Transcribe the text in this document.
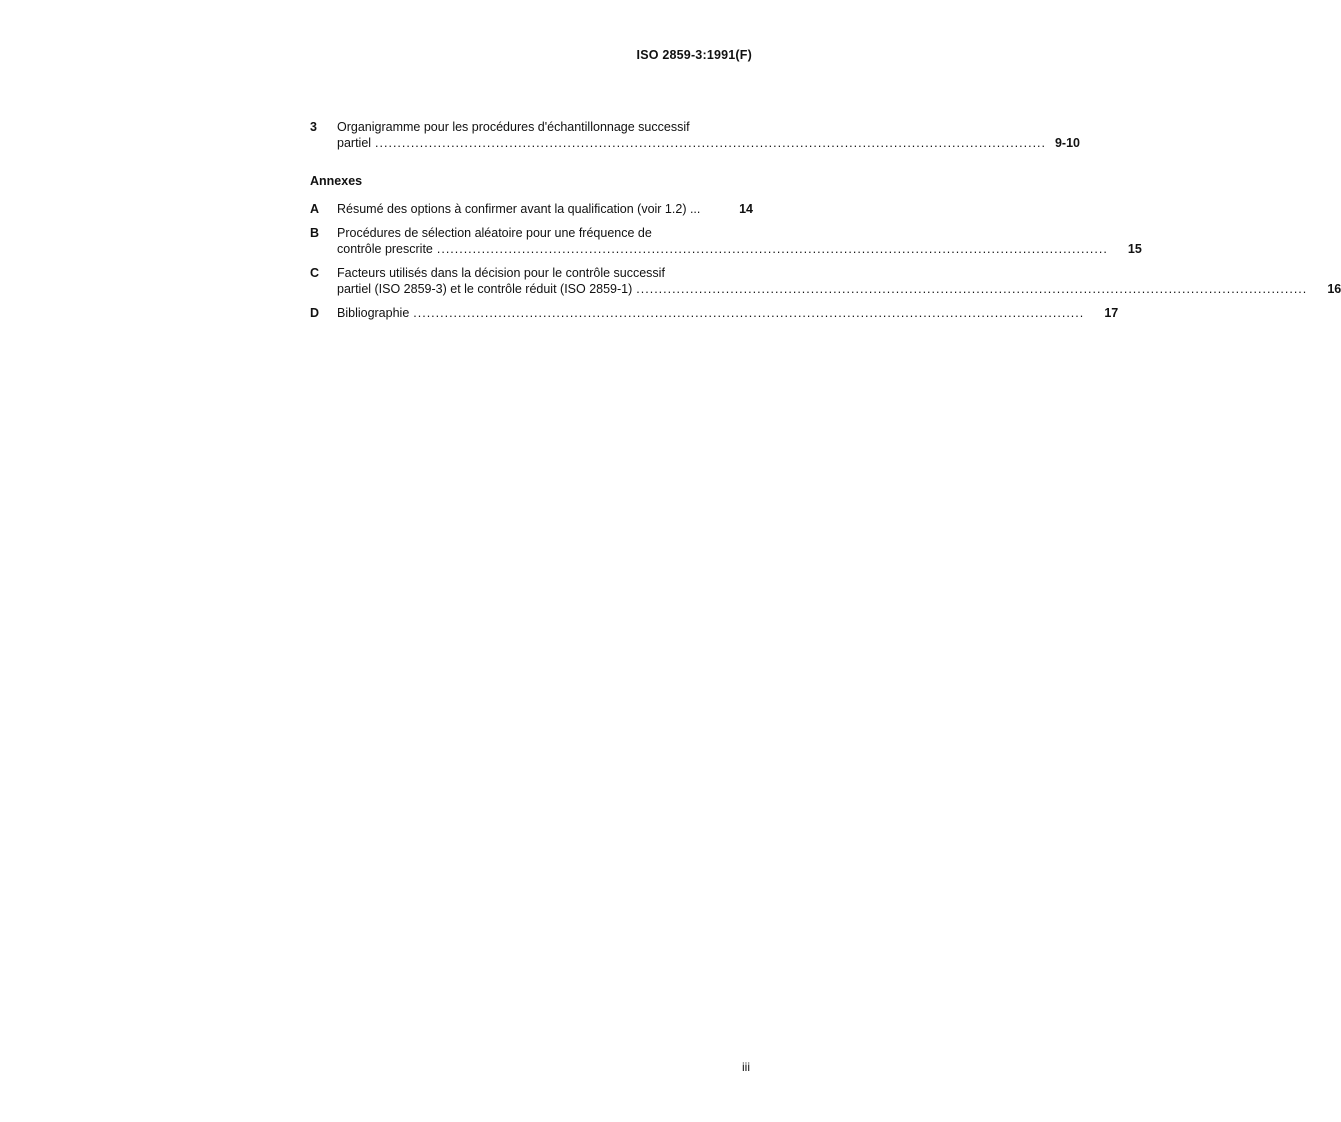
ISO 2859-3:1991(F)
3	Organigramme pour les procédures d'échantillonnage successif
partiel
.....	9-10
Annexes
A	Résumé des options à confirmer avant la qualification (voir 1.2) ...	14
B	Procédures de sélection aléatoire pour une fréquence de
contrôle prescrite .....	15
C	Facteurs utilisés dans la décision pour le contrôle successif
partiel (ISO 2859-3) et le contrôle réduit (ISO 2859-1) .....	16
D	Bibliographie .....	17
iii
